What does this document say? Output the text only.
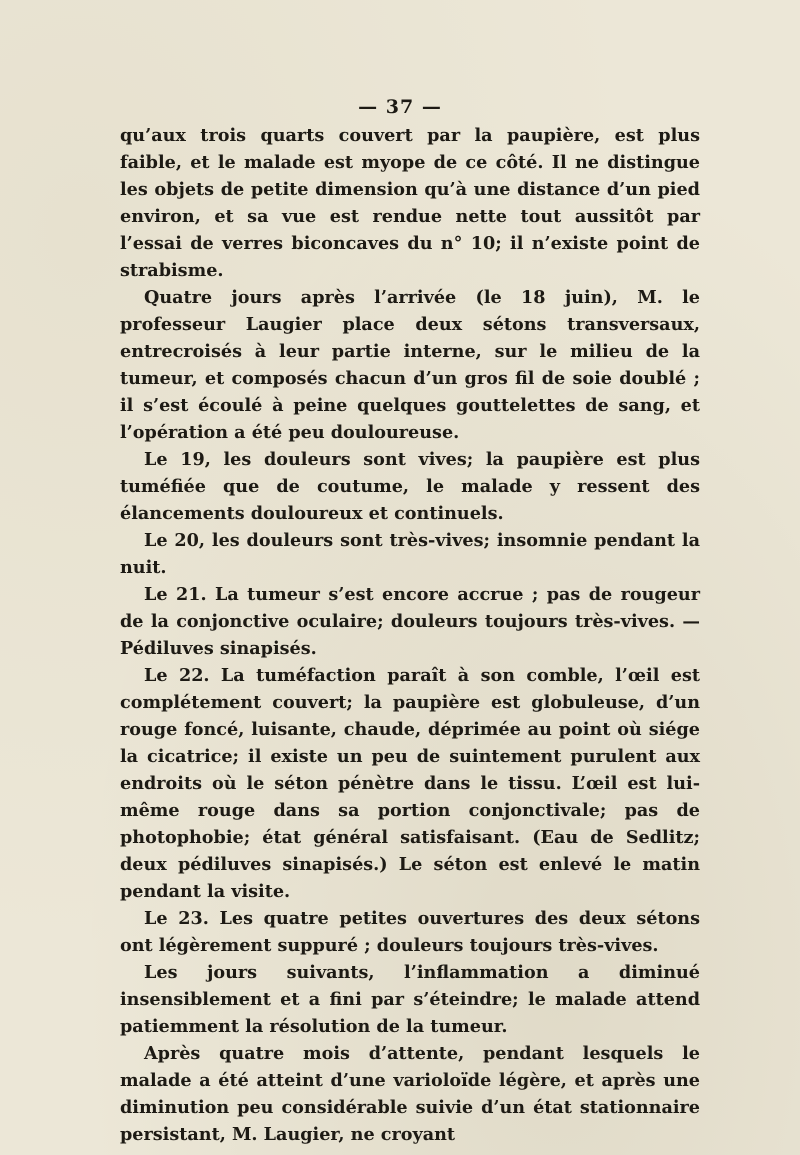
— 37 —

qu’aux trois quarts couvert par la paupière, est plus faible, et le malade est myope de ce côté. Il ne distingue les objets de petite dimension qu’à une distance d’un pied environ, et sa vue est rendue nette tout aussitôt par l’essai de verres biconcaves du n° 10; il n’existe point de strabisme.

Quatre jours après l’arrivée (le 18 juin), M. le professeur Laugier place deux sétons transversaux, entrecroisés à leur partie interne, sur le milieu de la tumeur, et composés chacun d’un gros fil de soie doublé ; il s’est écoulé à peine quelques gouttelettes de sang, et l’opération a été peu douloureuse.

Le 19, les douleurs sont vives; la paupière est plus tuméfiée que de coutume, le malade y ressent des élancements douloureux et continuels.

Le 20, les douleurs sont très-vives; insomnie pendant la nuit.

Le 21. La tumeur s’est encore accrue ; pas de rougeur de la conjonctive oculaire; douleurs toujours très-vives. — Pédiluves sinapisés.

Le 22. La tuméfaction paraît à son comble, l’œil est complétement couvert; la paupière est globuleuse, d’un rouge foncé, luisante, chaude, déprimée au point où siége la cicatrice; il existe un peu de suintement purulent aux endroits où le séton pénètre dans le tissu. L’œil est lui-même rouge dans sa portion conjonctivale; pas de photophobie; état général satisfaisant. (Eau de Sedlitz; deux pédiluves sinapisés.) Le séton est enlevé le matin pendant la visite.

Le 23. Les quatre petites ouvertures des deux sétons ont légèrement suppuré ; douleurs toujours très-vives.

Les jours suivants, l’inflammation a diminué insensiblement et a fini par s’éteindre; le malade attend patiemment la résolution de la tumeur.

Après quatre mois d’attente, pendant lesquels le malade a été atteint d’une varioloïde légère, et après une diminution peu considérable suivie d’un état stationnaire persistant, M. Laugier, ne croyant
